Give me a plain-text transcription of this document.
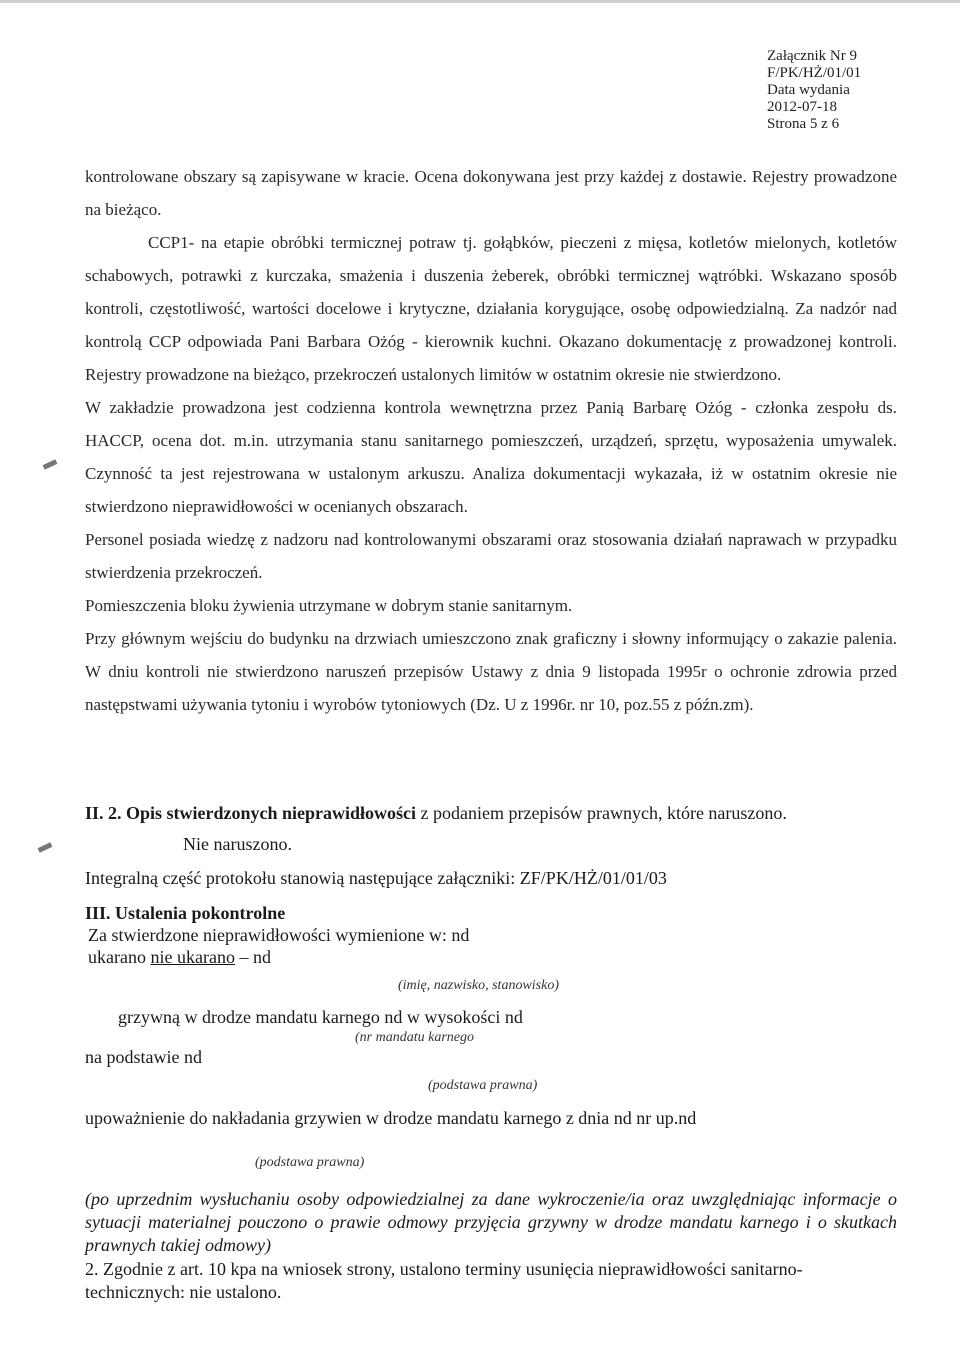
Załącznik Nr 9
F/PK/HŻ/01/01
Data wydania
2012-07-18
Strona 5 z 6

kontrolowane obszary są zapisywane w kracie. Ocena dokonywana jest przy każdej z dostawie. Rejestry prowadzone na bieżąco.

CCP1- na etapie obróbki termicznej potraw tj. gołąbków, pieczeni z mięsa, kotletów mielonych, kotletów schabowych, potrawki z kurczaka, smażenia i duszenia żeberek, obróbki termicznej wątróbki. Wskazano sposób kontroli, częstotliwość, wartości docelowe i krytyczne, działania korygujące, osobę odpowiedzialną. Za nadzór nad kontrolą CCP odpowiada Pani Barbara Ożóg - kierownik kuchni. Okazano dokumentację z prowadzonej kontroli. Rejestry prowadzone na bieżąco, przekroczeń ustalonych limitów w ostatnim okresie nie stwierdzono.

W zakładzie prowadzona jest codzienna kontrola wewnętrzna przez Panią Barbarę Ożóg - członka zespołu ds. HACCP, ocena dot. m.in. utrzymania stanu sanitarnego pomieszczeń, urządzeń, sprzętu, wyposażenia umywalek. Czynność ta jest rejestrowana w ustalonym arkuszu. Analiza dokumentacji wykazała, iż w ostatnim okresie nie stwierdzono nieprawidłowości w ocenianych obszarach.

Personel posiada wiedzę z nadzoru nad kontrolowanymi obszarami oraz stosowania działań naprawach w przypadku stwierdzenia przekroczeń.

Pomieszczenia bloku żywienia utrzymane w dobrym stanie sanitarnym.

Przy głównym wejściu do budynku na drzwiach umieszczono znak graficzny i słowny informujący o zakazie palenia. W dniu kontroli nie stwierdzono naruszeń przepisów Ustawy z dnia 9 listopada 1995r o ochronie zdrowia przed następstwami używania tytoniu i wyrobów tytoniowych (Dz. U z 1996r. nr 10, poz.55 z późn.zm).

II. 2. Opis stwierdzonych nieprawidłowości z podaniem przepisów prawnych, które naruszono.
Nie naruszono.
Integralną część protokołu stanowią następujące załączniki: ZF/PK/HŻ/01/01/03
III. Ustalenia pokontrolne
Za stwierdzone nieprawidłowości wymienione w: nd
ukarano nie ukarano – nd
(imię, nazwisko, stanowisko)
grzywną w drodze mandatu karnego nd w wysokości nd
(nr mandatu karnego
na podstawie nd
(podstawa prawna)
upoważnienie do nakładania grzywien w drodze mandatu karnego z dnia nd nr up.nd
(podstawa prawna)
(po uprzednim wysłuchaniu osoby odpowiedzialnej za dane wykroczenie/ia oraz uwzględniając informacje o sytuacji materialnej pouczono o prawie odmowy przyjęcia grzywny w drodze mandatu karnego i o skutkach prawnych takiej odmowy)
2. Zgodnie z art. 10 kpa na wniosek strony, ustalono terminy usunięcia nieprawidłowości sanitarno-technicznych: nie ustalono.
